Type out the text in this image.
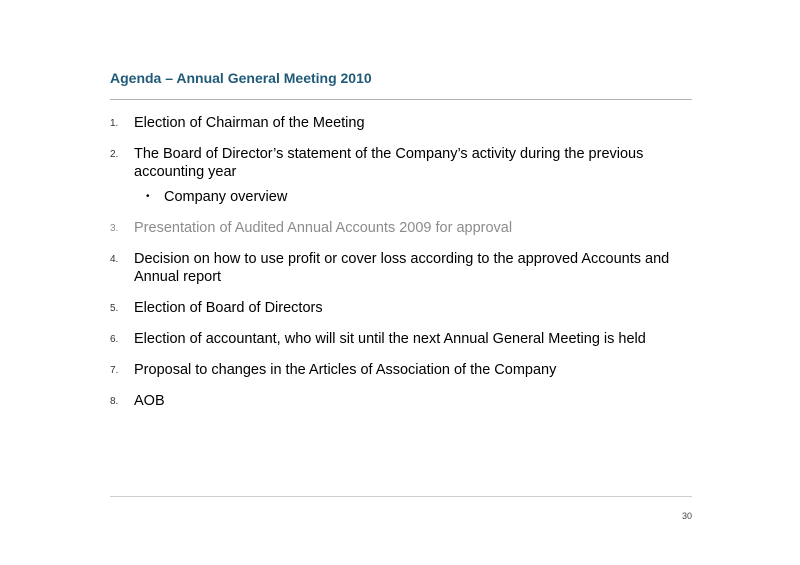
Agenda – Annual General Meeting 2010
1. Election of Chairman of the Meeting
2. The Board of Director’s statement of the Company’s activity during the previous accounting year
• Company overview
3. Presentation of Audited Annual Accounts 2009 for approval
4. Decision on how to use profit or cover loss according to the approved Accounts and Annual report
5. Election of Board of Directors
6. Election of accountant, who will sit until the next Annual General Meeting is held
7. Proposal to changes in the Articles of Association of the Company
8. AOB
30
